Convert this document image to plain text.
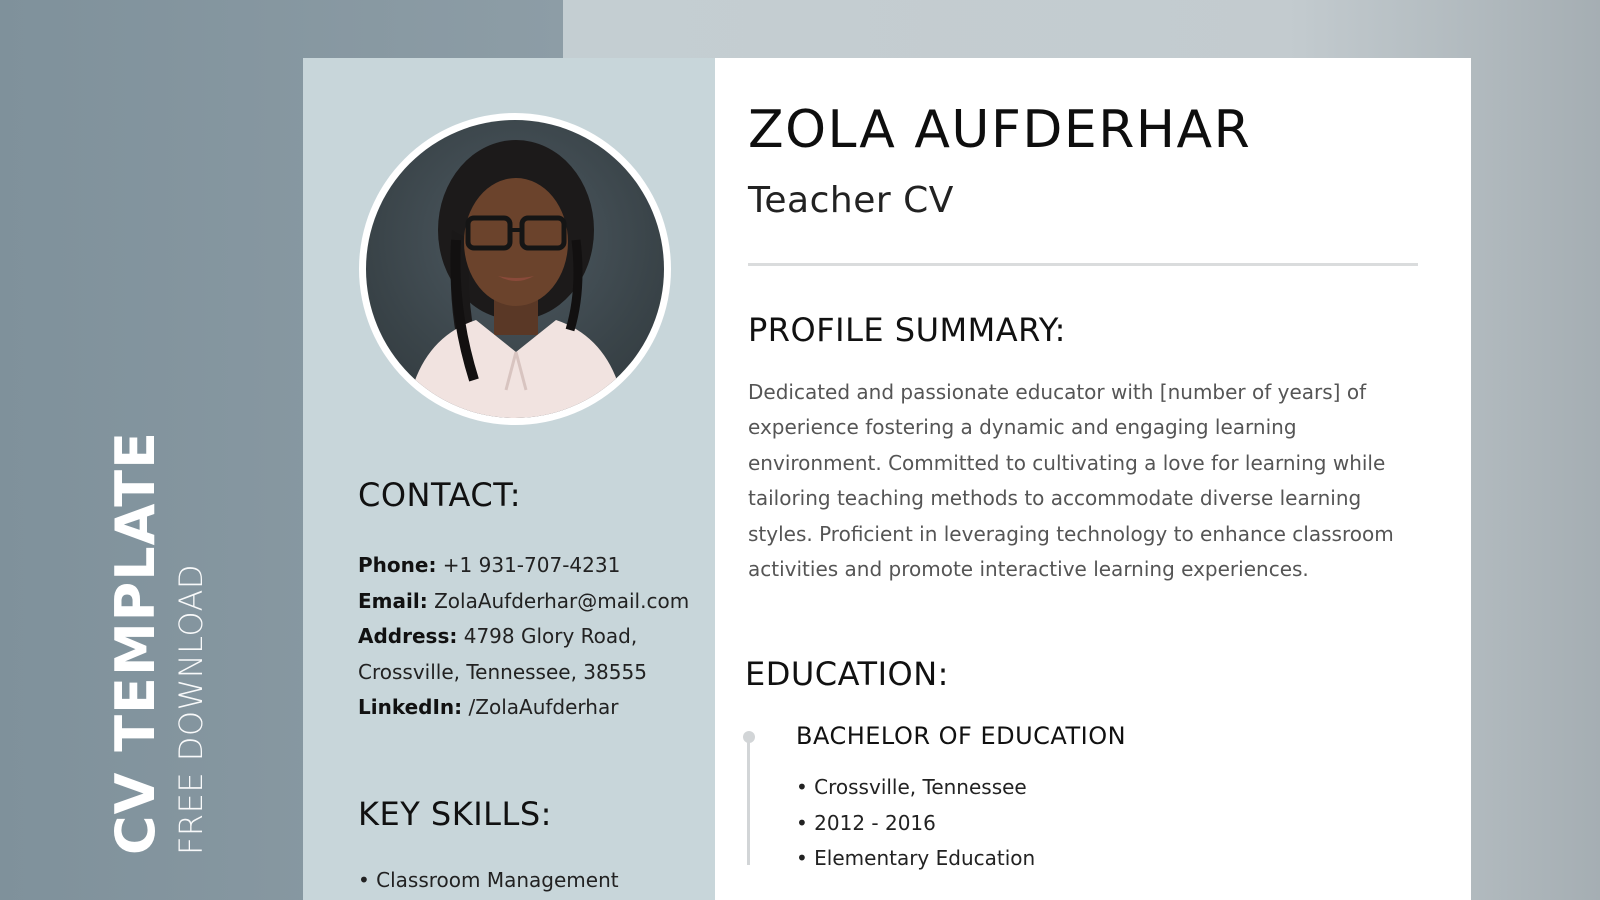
CV TEMPLATE FREE DOWNLOAD
CONTACT:
Phone: +1 931-707-4231
Email: ZolaAufderhar@mail.com
Address: 4798 Glory Road,
Crossville, Tennessee, 38555
LinkedIn: /ZolaAufderhar
KEY SKILLS:
• Classroom Management
ZOLA AUFDERHAR
Teacher CV
PROFILE SUMMARY:
Dedicated and passionate educator with [number of years] of experience fostering a dynamic and engaging learning environment. Committed to cultivating a love for learning while tailoring teaching methods to accommodate diverse learning styles. Proficient in leveraging technology to enhance classroom activities and promote interactive learning experiences.
EDUCATION:
BACHELOR OF EDUCATION
• Crossville, Tennessee
• 2012 - 2016
• Elementary Education
